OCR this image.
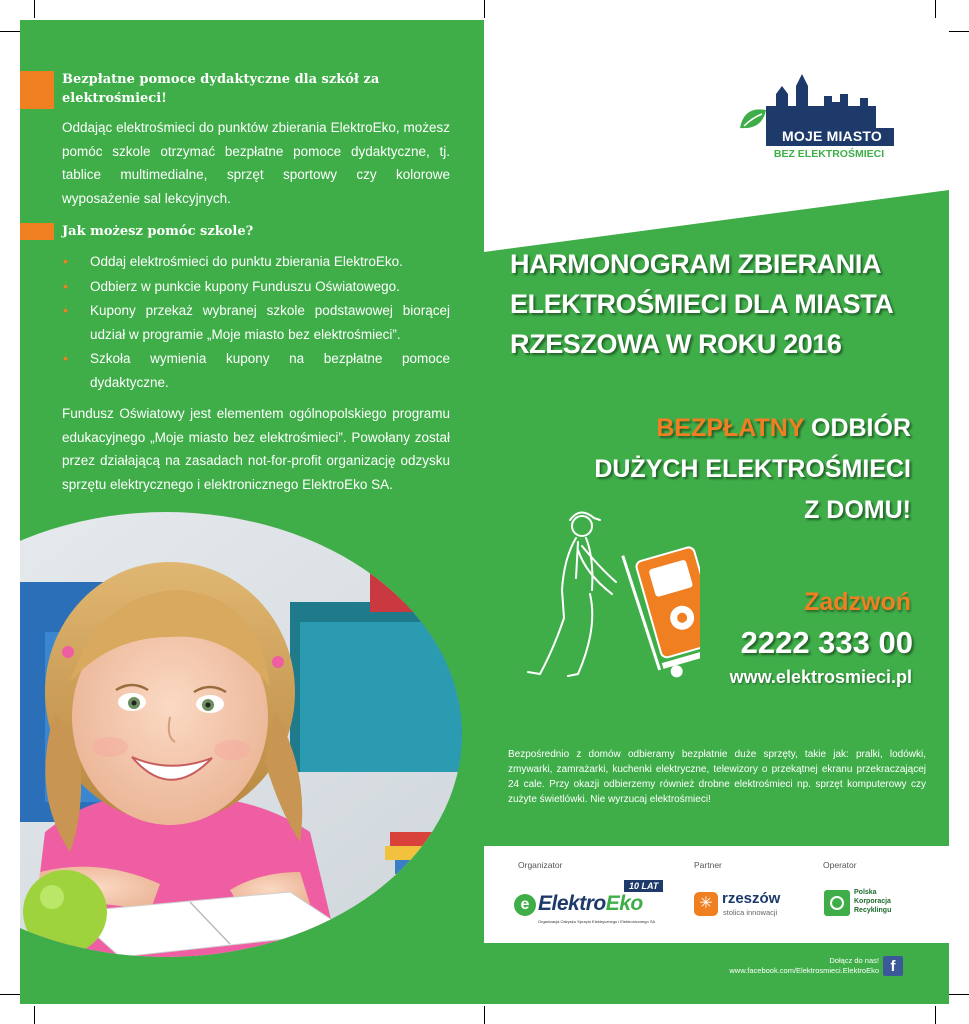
Bezpłatne pomoce dydaktyczne dla szkół za elektrośmieci!
Oddając elektrośmieci do punktów zbierania ElektroEko, możesz pomóc szkole otrzymać bezpłatne pomoce dydaktyczne, tj. tablice multimedialne, sprzęt sportowy czy kolorowe wyposażenie sal lekcyjnych.
Jak możesz pomóc szkole?
• Oddaj elektrośmieci do punktu zbierania ElektroEko.
• Odbierz w punkcie kupony Funduszu Oświatowego.
• Kupony przekaż wybranej szkole podstawowej biorącej udział w programie „Moje miasto bez elektrośmieci”.
• Szkoła wymienia kupony na bezpłatne pomoce dydaktyczne.
Fundusz Oświatowy jest elementem ogólnopolskiego programu edukacyjnego „Moje miasto bez elektrośmieci”. Powołany został przez działającą na zasadach not-for-profit organizację odzysku sprzętu elektrycznego i elektronicznego ElektroEko SA.
MOJE MIASTO
BEZ ELEKTROŚMIECI
HARMONOGRAM ZBIERANIA
ELEKTROŚMIECI DLA MIASTA
RZESZOWA W ROKU 2016
BEZPŁATNY ODBIÓR
DUŻYCH ELEKTROŚMIECI
Z DOMU!
Zadzwoń
2222 333 00
www.elektrosmieci.pl
Bezpośrednio z domów odbieramy bezpłatnie duże sprzęty, takie jak: pralki, lodówki, zmywarki, zamrażarki, kuchenki elektryczne, telewizory o przekątnej ekranu przekraczającej 24 cale. Przy okazji odbierzemy również drobne elektrośmieci np. sprzęt komputerowy czy zużyte świetlówki. Nie wyrzucaj elektrośmieci!
Organizator	Partner	Operator
10 LAT
e ElektroEko
Organizacja Odzysku Sprzętu Elektrycznego i Elektronicznego SA
✳ rzeszów
stolica innowacji
Polska
Korporacja
Recyklingu
Dołącz do nas!
www.facebook.com/Elektrosmieci.ElektroEko f
